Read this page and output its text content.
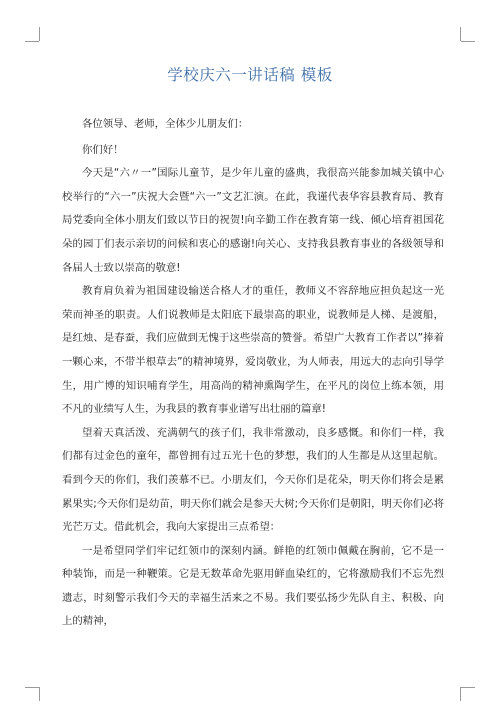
学校庆六一讲话稿 模板

各位领导、老师，全体少儿朋友们：

你们好！

今天是“六〃一”国际儿童节，是少年儿童的盛典，我很高兴能参加城关镇中心校举行的“六一”庆祝大会暨“六一”文艺汇演。在此，我谨代表华容县教育局、教育局党委向全体小朋友们致以节日的祝贺!向辛勤工作在教育第一线、倾心培育祖国花朵的园丁们表示亲切的问候和衷心的感谢!向关心、支持我县教育事业的各级领导和各届人士致以崇高的敬意!

教育肩负着为祖国建设输送合格人才的重任，教师义不容辞地应担负起这一光荣而神圣的职责。人们说教师是太阳底下最崇高的职业，说教师是人梯、是渡船，是红烛、是春蚕，我们应做到无愧于这些崇高的赞誉。希望广大教育工作者以”捧着一颗心来，不带半根草去”的精神境界，爱岗敬业，为人师表，用远大的志向引导学生，用广博的知识哺育学生，用高尚的精神熏陶学生，在平凡的岗位上练本领，用不凡的业绩写人生，为我县的教育事业谱写出壮丽的篇章!

望着天真活泼、充满朝气的孩子们，我非常激动，良多感慨。和你们一样，我们都有过金色的童年，都曾拥有过五光十色的梦想，我们的人生都是从这里起航。看到今天的你们，我们羡慕不已。小朋友们，今天你们是花朵，明天你们将会是累累果实;今天你们是幼苗，明天你们就会是参天大树;今天你们是朝阳，明天你们必将光芒万丈。借此机会，我向大家提出三点希望：

一是希望同学们牢记红领巾的深刻内涵。鲜艳的红领巾佩戴在胸前，它不是一种装饰，而是一种鞭策。它是无数革命先驱用鲜血染红的，它将激励我们不忘先烈遗志，时刻警示我们今天的幸福生活来之不易。我们要弘扬少先队自主、积极、向上的精神，
